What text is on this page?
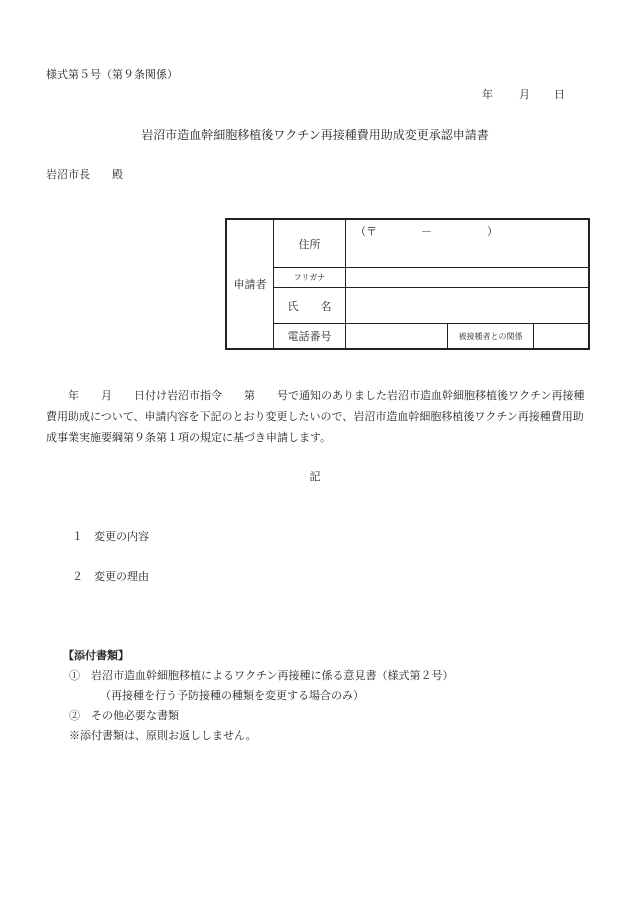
様式第５号（第９条関係）
年 月 日
岩沼市造血幹細胞移植後ワクチン再接種費用助成変更承認申請書
岩沼市長　　殿
申請者
住所
（〒　　　　－　　　　　）
フリガナ
氏　　名
電話番号	被接種者との関係
年　　月　　日付け岩沼市指令　　第　　号で通知のありました岩沼市造血幹細胞移植後ワクチン再接種費用助成について、申請内容を下記のとおり変更したいので、岩沼市造血幹細胞移植後ワクチン再接種費用助成事業実施要綱第９条第１項の規定に基づき申請します。
記
１　変更の内容
２　変更の理由
【添付書類】
①　岩沼市造血幹細胞移植によるワクチン再接種に係る意見書（様式第２号）
（再接種を行う予防接種の種類を変更する場合のみ）
②　その他必要な書類
※添付書類は、原則お返ししません。
